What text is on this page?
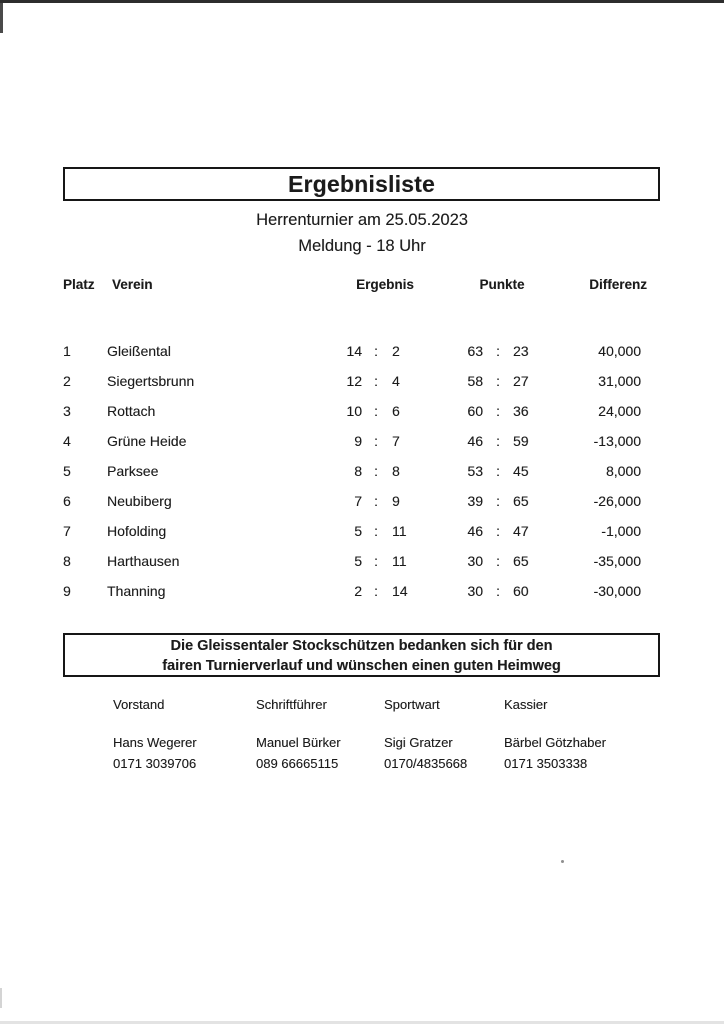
Ergebnisliste
Herrenturnier am 25.05.2023
Meldung - 18 Uhr
Platz Verein	Ergebnis	Punkte	Differenz
1	Gleißental	14 : 2	63 : 23	40,000
2	Siegertsbrunn	12 : 4	58 : 27	31,000
3	Rottach	10 : 6	60 : 36	24,000
4	Grüne Heide	9 : 7	46 : 59	-13,000
5	Parksee	8 : 8	53 : 45	8,000
6	Neubiberg	7 : 9	39 : 65	-26,000
7	Hofolding	5 : 11	46 : 47	-1,000
8	Harthausen	5 : 11	30 : 65	-35,000
9	Thanning	2 : 14	30 : 60	-30,000
Die Gleissentaler Stockschützen bedanken sich für den
fairen Turnierverlauf und wünschen einen guten Heimweg
Vorstand
Hans Wegerer
0171 3039706
Schriftführer
Manuel Bürker
089 66665115
Sportwart
Sigi Gratzer
0170/4835668
Kassier
Bärbel Götzhaber
0171 3503338
